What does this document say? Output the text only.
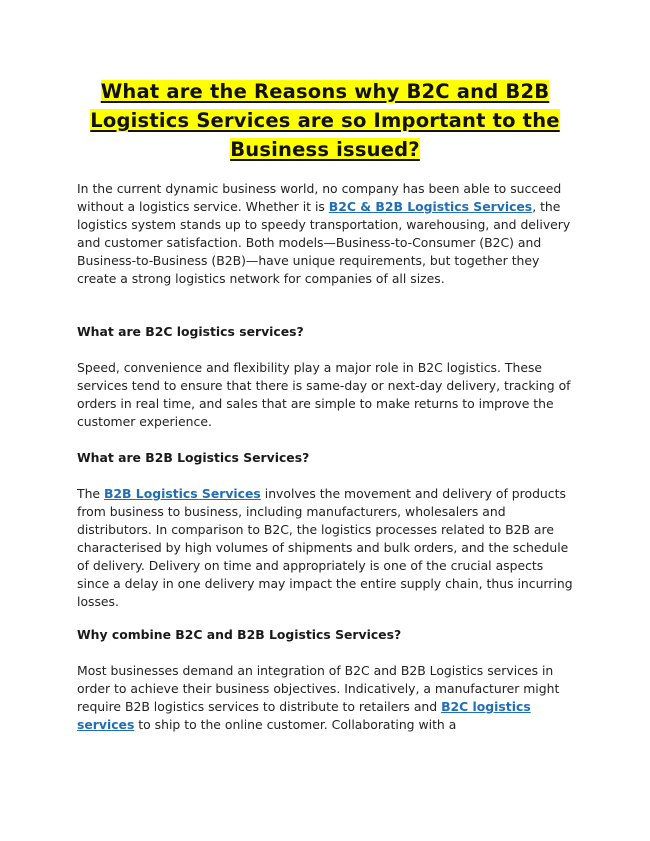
What are the Reasons why B2C and B2B Logistics Services are so Important to the Business issued?

In the current dynamic business world, no company has been able to succeed without a logistics service. Whether it is B2C & B2B Logistics Services, the logistics system stands up to speedy transportation, warehousing, and delivery and customer satisfaction. Both models—Business-to-Consumer (B2C) and Business-to-Business (B2B)—have unique requirements, but together they create a strong logistics network for companies of all sizes.

What are B2C logistics services?

Speed, convenience and flexibility play a major role in B2C logistics. These services tend to ensure that there is same-day or next-day delivery, tracking of orders in real time, and sales that are simple to make returns to improve the customer experience.

What are B2B Logistics Services?

The B2B Logistics Services involves the movement and delivery of products from business to business, including manufacturers, wholesalers and distributors. In comparison to B2C, the logistics processes related to B2B are characterised by high volumes of shipments and bulk orders, and the schedule of delivery. Delivery on time and appropriately is one of the crucial aspects since a delay in one delivery may impact the entire supply chain, thus incurring losses.

Why combine B2C and B2B Logistics Services?

Most businesses demand an integration of B2C and B2B Logistics services in order to achieve their business objectives. Indicatively, a manufacturer might require B2B logistics services to distribute to retailers and B2C logistics services to ship to the online customer. Collaborating with a
